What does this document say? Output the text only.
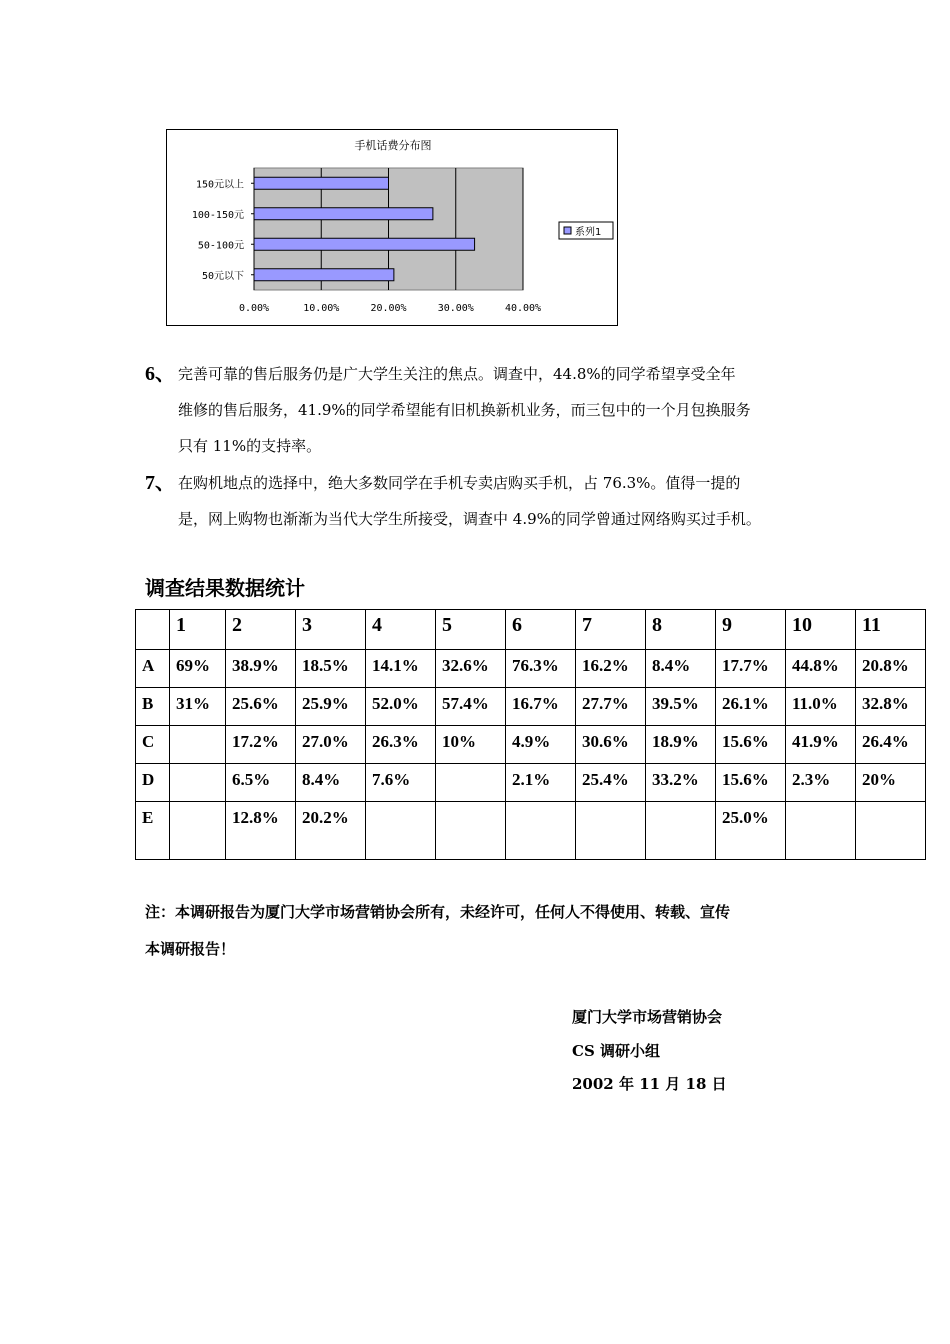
手机话费分布图
150元以上
100-150元
50-100元
50元以下
0.00%	10.00%	20.00%	30.00%	40.00%
系列1
6、 完善可靠的售后服务仍是广大学生关注的焦点。调查中，44.8%的同学希望享受全年
维修的售后服务，41.9%的同学希望能有旧机换新机业务，而三包中的一个月包换服务
只有 11%的支持率。
7、 在购机地点的选择中，绝大多数同学在手机专卖店购买手机，占 76.3%。值得一提的
是，网上购物也渐渐为当代大学生所接受，调查中 4.9%的同学曾通过网络购买过手机。
调查结果数据统计
	1	2	3	4	5	6	7	8	9	10	11
A	69%	38.9%	18.5%	14.1%	32.6%	76.3%	16.2%	8.4%	17.7%	44.8%	20.8%
B	31%	25.6%	25.9%	52.0%	57.4%	16.7%	27.7%	39.5%	26.1%	11.0%	32.8%
C		17.2%	27.0%	26.3%	10%	4.9%	30.6%	18.9%	15.6%	41.9%	26.4%
D		6.5%	8.4%	7.6%		2.1%	25.4%	33.2%	15.6%	2.3%	20%
E		12.8%	20.2%						25.0%		
注：本调研报告为厦门大学市场营销协会所有，未经许可，任何人不得使用、转载、宣传
本调研报告！
厦门大学市场营销协会
CS 调研小组
2002 年 11 月 18 日
